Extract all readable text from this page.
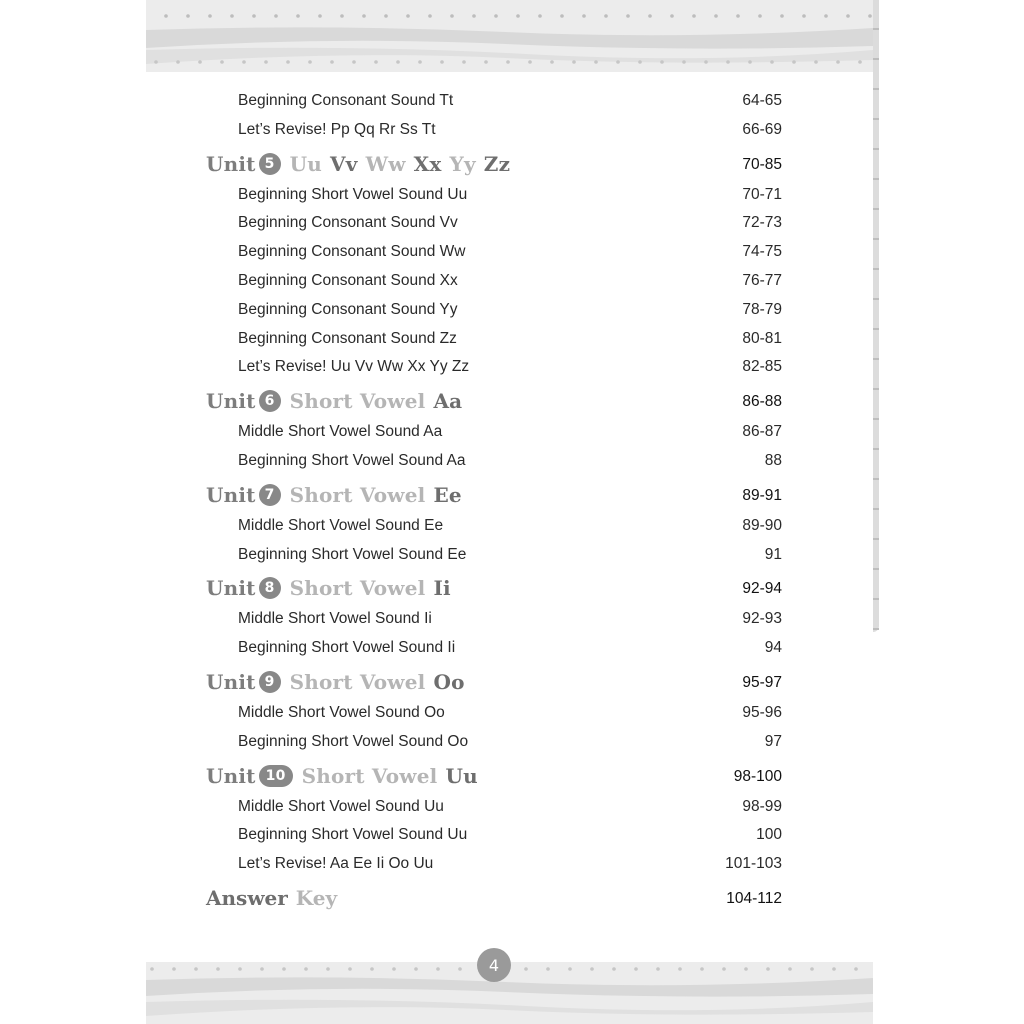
4
Beginning Consonant Sound Tt	64-65
Let’s Revise! Pp Qq Rr Ss Tt	66-69
Unit 5 Uu Vv Ww Xx Yy Zz	70-85
Beginning Short Vowel Sound Uu	70-71
Beginning Consonant Sound Vv	72-73
Beginning Consonant Sound Ww	74-75
Beginning Consonant Sound Xx	76-77
Beginning Consonant Sound Yy	78-79
Beginning Consonant Sound Zz	80-81
Let’s Revise! Uu Vv Ww Xx Yy Zz	82-85
Unit 6 Short Vowel Aa	86-88
Middle Short Vowel Sound Aa	86-87
Beginning Short Vowel Sound Aa	88
Unit 7 Short Vowel Ee	89-91
Middle Short Vowel Sound Ee	89-90
Beginning Short Vowel Sound Ee	91
Unit 8 Short Vowel Ii	92-94
Middle Short Vowel Sound Ii	92-93
Beginning Short Vowel Sound Ii	94
Unit 9 Short Vowel Oo	95-97
Middle Short Vowel Sound Oo	95-96
Beginning Short Vowel Sound Oo	97
Unit 10 Short Vowel Uu	98-100
Middle Short Vowel Sound Uu	98-99
Beginning Short Vowel Sound Uu	100
Let’s Revise! Aa Ee Ii Oo Uu	101-103
Answer Key	104-112
